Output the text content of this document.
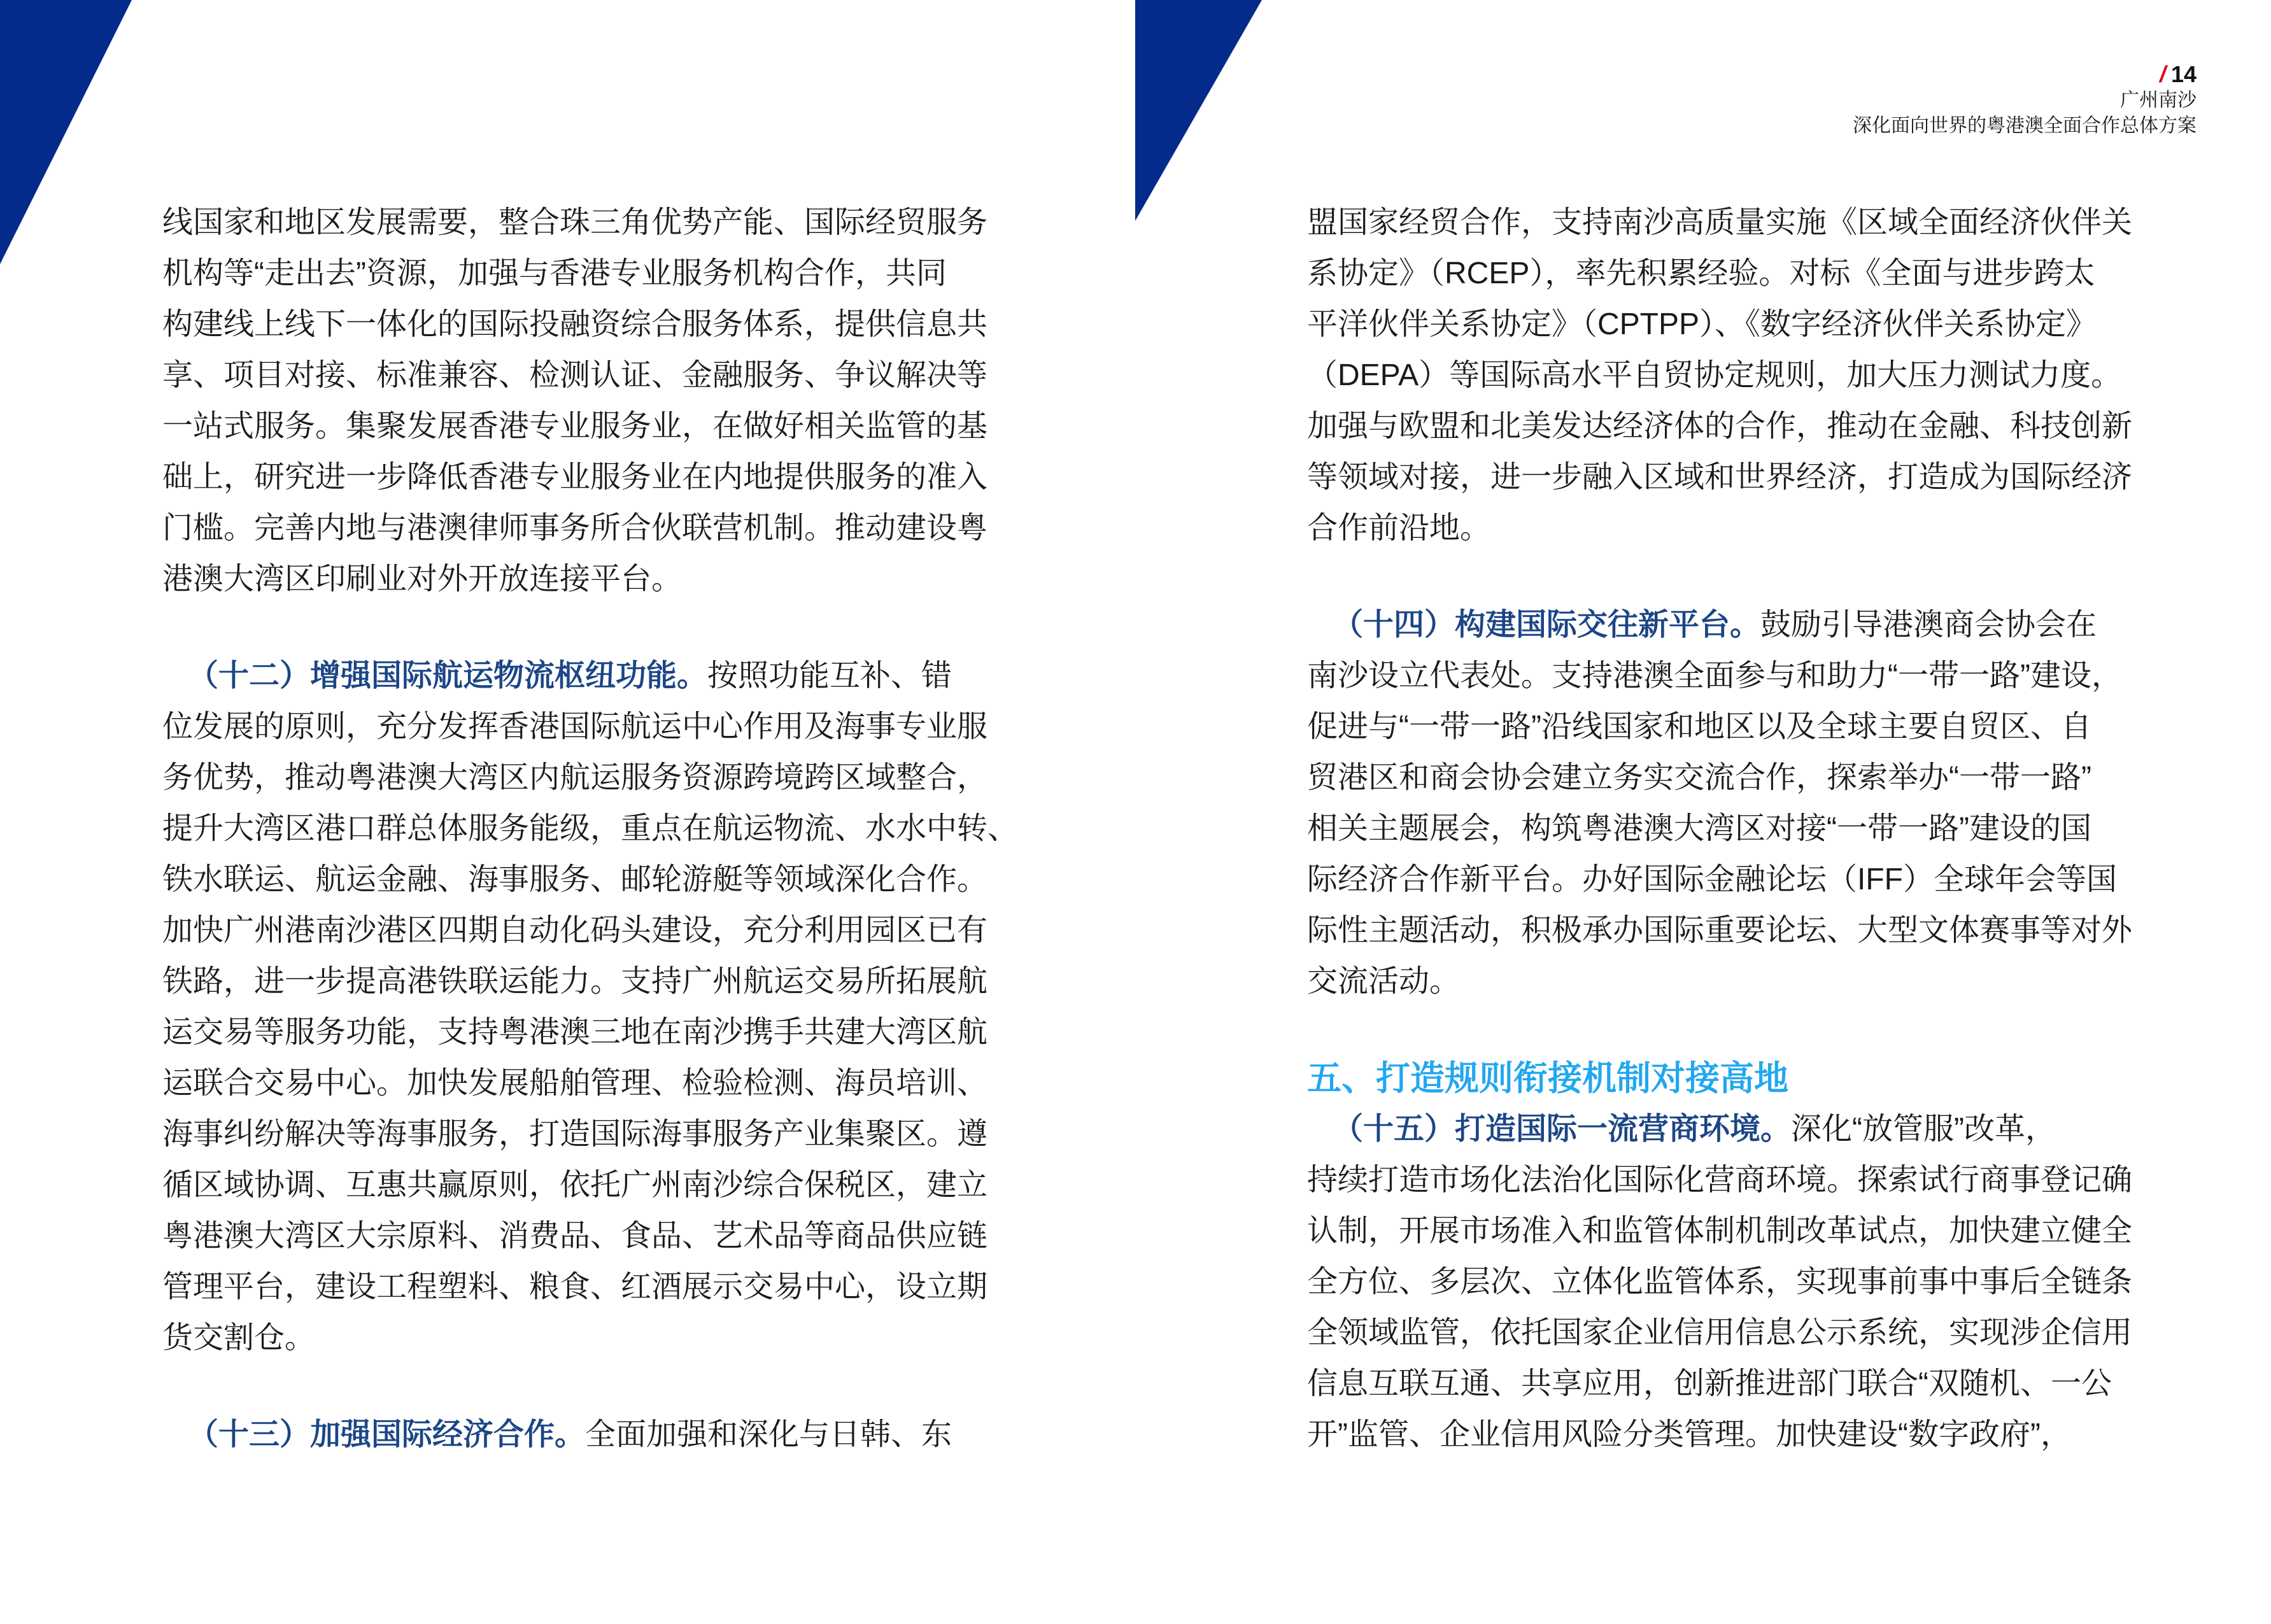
/ 14
广州南沙
深化面向世界的粤港澳全面合作总体方案
线国家和地区发展需要，整合珠三角优势产能、国际经贸服务
机构等“走出去”资源，加强与香港专业服务机构合作，共同
构建线上线下一体化的国际投融资综合服务体系，提供信息共
享、项目对接、标准兼容、检测认证、金融服务、争议解决等
一站式服务。集聚发展香港专业服务业，在做好相关监管的基
础上，研究进一步降低香港专业服务业在内地提供服务的准入
门槛。完善内地与港澳律师事务所合伙联营机制。推动建设粤
港澳大湾区印刷业对外开放连接平台。
（十二）增强国际航运物流枢纽功能。按照功能互补、错
位发展的原则，充分发挥香港国际航运中心作用及海事专业服
务优势，推动粤港澳大湾区内航运服务资源跨境跨区域整合，
提升大湾区港口群总体服务能级，重点在航运物流、水水中转、
铁水联运、航运金融、海事服务、邮轮游艇等领域深化合作。
加快广州港南沙港区四期自动化码头建设，充分利用园区已有
铁路，进一步提高港铁联运能力。支持广州航运交易所拓展航
运交易等服务功能，支持粤港澳三地在南沙携手共建大湾区航
运联合交易中心。加快发展船舶管理、检验检测、海员培训、
海事纠纷解决等海事服务，打造国际海事服务产业集聚区。遵
循区域协调、互惠共赢原则，依托广州南沙综合保税区，建立
粤港澳大湾区大宗原料、消费品、食品、艺术品等商品供应链
管理平台，建设工程塑料、粮食、红酒展示交易中心，设立期
货交割仓。
（十三）加强国际经济合作。全面加强和深化与日韩、东
盟国家经贸合作，支持南沙高质量实施《区域全面经济伙伴关
系协定》（RCEP），率先积累经验。对标《全面与进步跨太
平洋伙伴关系协定》（CPTPP）、《数字经济伙伴关系协定》
（DEPA）等国际高水平自贸协定规则，加大压力测试力度。
加强与欧盟和北美发达经济体的合作，推动在金融、科技创新
等领域对接，进一步融入区域和世界经济，打造成为国际经济
合作前沿地。
（十四）构建国际交往新平台。鼓励引导港澳商会协会在
南沙设立代表处。支持港澳全面参与和助力“一带一路”建设，
促进与“一带一路”沿线国家和地区以及全球主要自贸区、自
贸港区和商会协会建立务实交流合作，探索举办“一带一路”
相关主题展会，构筑粤港澳大湾区对接“一带一路”建设的国
际经济合作新平台。办好国际金融论坛（IFF）全球年会等国
际性主题活动，积极承办国际重要论坛、大型文体赛事等对外
交流活动。
五、打造规则衔接机制对接高地
（十五）打造国际一流营商环境。深化“放管服”改革，
持续打造市场化法治化国际化营商环境。探索试行商事登记确
认制，开展市场准入和监管体制机制改革试点，加快建立健全
全方位、多层次、立体化监管体系，实现事前事中事后全链条
全领域监管，依托国家企业信用信息公示系统，实现涉企信用
信息互联互通、共享应用，创新推进部门联合“双随机、一公
开”监管、企业信用风险分类管理。加快建设“数字政府”，
